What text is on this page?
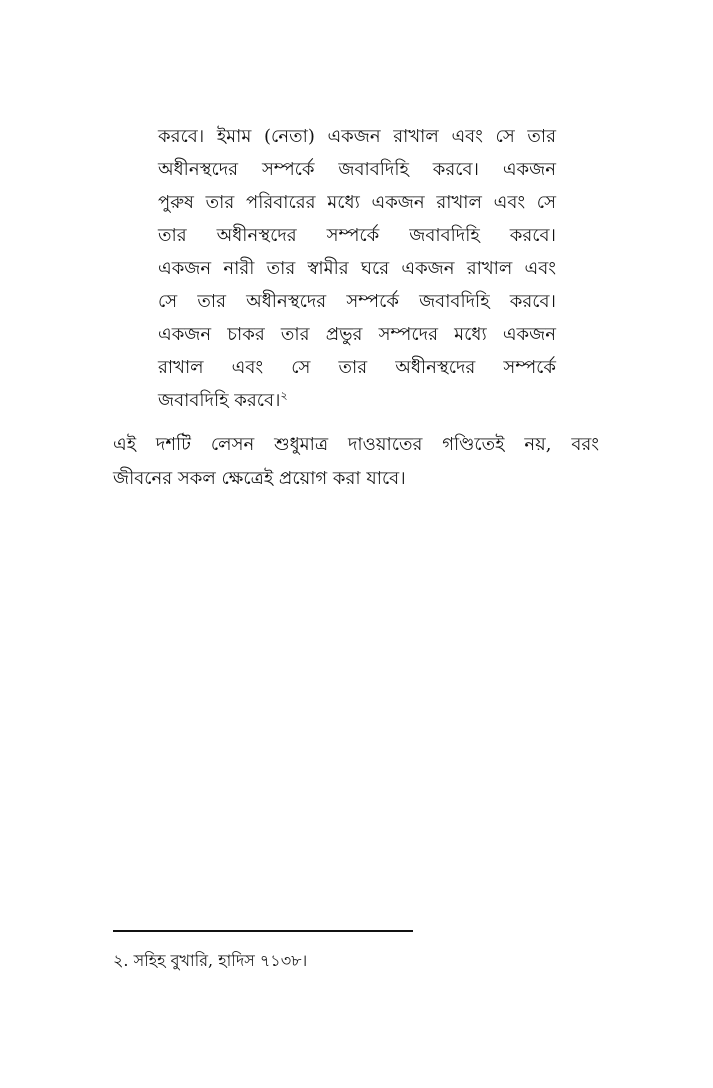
করবে। ইমাম (নেতা) একজন রাখাল এবং সে তার
অধীনস্থদের সম্পর্কে জবাবদিহি করবে। একজন
পুরুষ তার পরিবারের মধ্যে একজন রাখাল এবং সে
তার অধীনস্থদের সম্পর্কে জবাবদিহি করবে।
একজন নারী তার স্বামীর ঘরে একজন রাখাল এবং
সে তার অধীনস্থদের সম্পর্কে জবাবদিহি করবে।
একজন চাকর তার প্রভুর সম্পদের মধ্যে একজন
রাখাল এবং সে তার অধীনস্থদের সম্পর্কে
জবাবদিহি করবে।$^২$
এই দশটি লেসন শুধুমাত্র দাওয়াতের গণ্ডিতেই নয়, বরং
জীবনের সকল ক্ষেত্রেই প্রয়োগ করা যাবে।
২. সহিহ বুখারি, হাদিস ৭১৩৮।
